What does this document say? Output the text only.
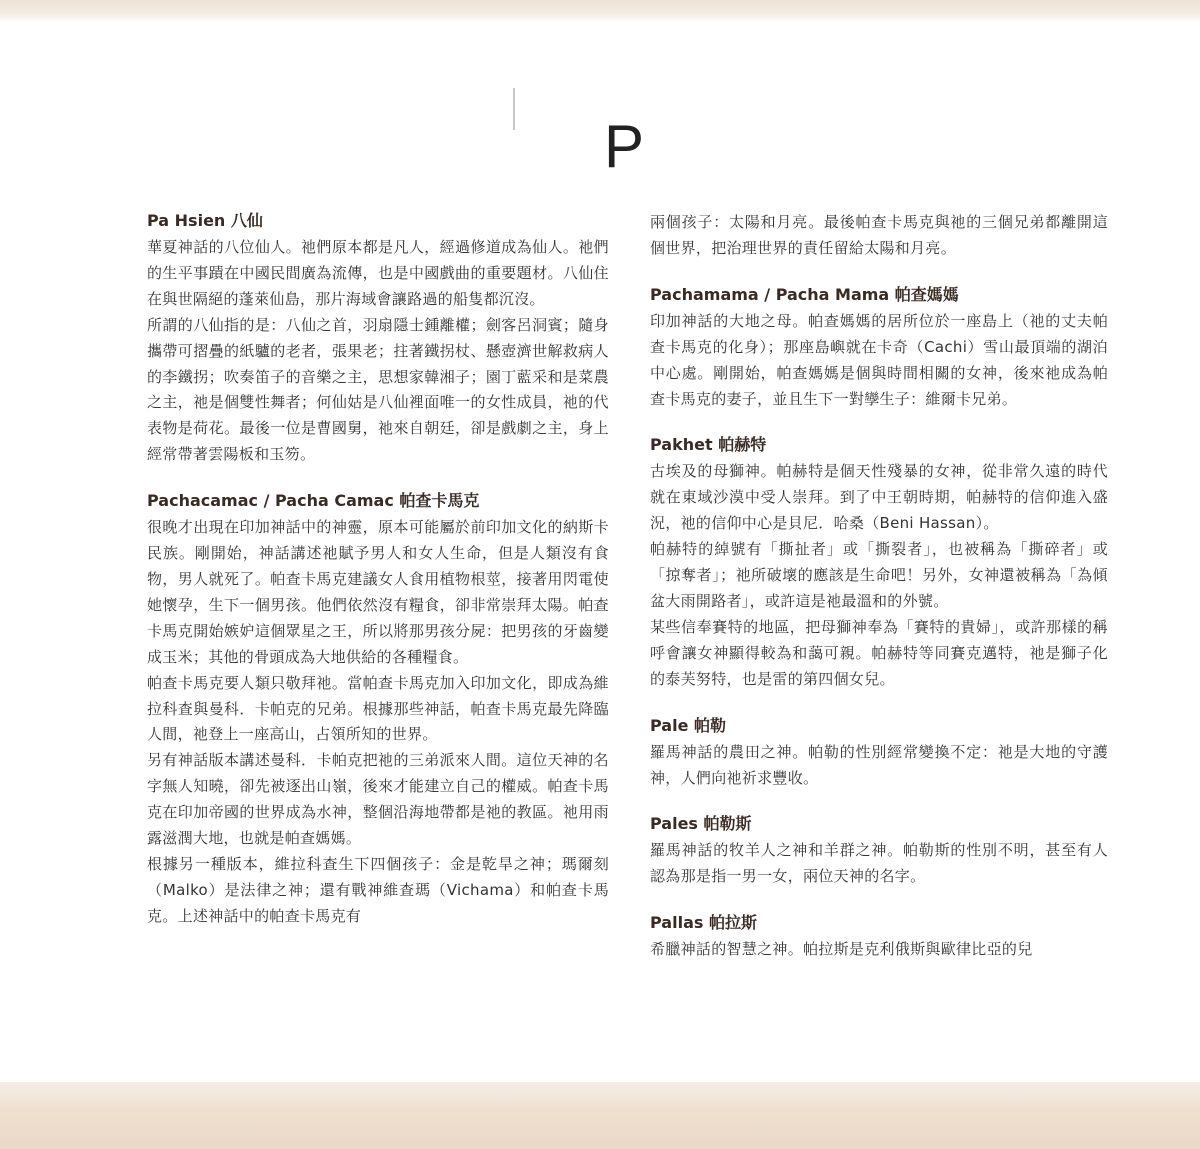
P
Pa Hsien 八仙

華夏神話的八位仙人。祂們原本都是凡人，經過修道成為仙人。祂們的生平事蹟在中國民間廣為流傳，也是中國戲曲的重要題材。八仙住在與世隔絕的蓬萊仙島，那片海域會讓路過的船隻都沉沒。

所謂的八仙指的是：八仙之首，羽扇隱士鍾離權；劍客呂洞賓；隨身攜帶可摺疊的紙驢的老者，張果老；拄著鐵拐杖、懸壺濟世解救病人的李鐵拐；吹奏笛子的音樂之主，思想家韓湘子；園丁藍采和是菜農之主，祂是個雙性舞者；何仙姑是八仙裡面唯一的女性成員，祂的代表物是荷花。最後一位是曹國舅，祂來自朝廷，卻是戲劇之主，身上經常帶著雲陽板和玉笏。

Pachacamac / Pacha Camac 帕查卡馬克

很晚才出現在印加神話中的神靈，原本可能屬於前印加文化的納斯卡民族。剛開始，神話講述祂賦予男人和女人生命，但是人類沒有食物，男人就死了。帕查卡馬克建議女人食用植物根莖，接著用閃電使她懷孕，生下一個男孩。他們依然沒有糧食，卻非常崇拜太陽。帕查卡馬克開始嫉妒這個眾星之王，所以將那男孩分屍：把男孩的牙齒變成玉米；其他的骨頭成為大地供給的各種糧食。

帕查卡馬克要人類只敬拜祂。當帕查卡馬克加入印加文化，即成為維拉科查與曼科．卡帕克的兄弟。根據那些神話，帕查卡馬克最先降臨人間，祂登上一座高山，占領所知的世界。

另有神話版本講述曼科．卡帕克把祂的三弟派來人間。這位天神的名字無人知曉，卻先被逐出山嶺，後來才能建立自己的權威。帕查卡馬克在印加帝國的世界成為水神，整個沿海地帶都是祂的教區。祂用雨露滋潤大地，也就是帕查媽媽。

根據另一種版本，維拉科查生下四個孩子：金是乾旱之神；瑪爾刻（Malko）是法律之神；還有戰神維查瑪（Vichama）和帕查卡馬克。上述神話中的帕查卡馬克有

兩個孩子：太陽和月亮。最後帕查卡馬克與祂的三個兄弟都離開這個世界，把治理世界的責任留給太陽和月亮。

Pachamama / Pacha Mama 帕查媽媽

印加神話的大地之母。帕查媽媽的居所位於一座島上（祂的丈夫帕查卡馬克的化身）；那座島嶼就在卡奇（Cachi）雪山最頂端的湖泊中心處。剛開始，帕查媽媽是個與時間相關的女神，後來祂成為帕查卡馬克的妻子，並且生下一對孿生子：維爾卡兄弟。

Pakhet 帕赫特

古埃及的母獅神。帕赫特是個天性殘暴的女神，從非常久遠的時代就在東域沙漠中受人崇拜。到了中王朝時期，帕赫特的信仰進入盛況，祂的信仰中心是貝尼．哈桑（Beni Hassan）。

帕赫特的綽號有「撕扯者」或「撕裂者」，也被稱為「撕碎者」或「掠奪者」；祂所破壞的應該是生命吧！另外，女神還被稱為「為傾盆大雨開路者」，或許這是祂最溫和的外號。

某些信奉賽特的地區，把母獅神奉為「賽特的貴婦」，或許那樣的稱呼會讓女神顯得較為和藹可親。帕赫特等同賽克邁特，祂是獅子化的泰芙努特，也是雷的第四個女兒。

Pale 帕勒

羅馬神話的農田之神。帕勒的性別經常變換不定：祂是大地的守護神，人們向祂祈求豐收。

Pales 帕勒斯

羅馬神話的牧羊人之神和羊群之神。帕勒斯的性別不明，甚至有人認為那是指一男一女，兩位天神的名字。

Pallas 帕拉斯

希臘神話的智慧之神。帕拉斯是克利俄斯與歐律比亞的兒
